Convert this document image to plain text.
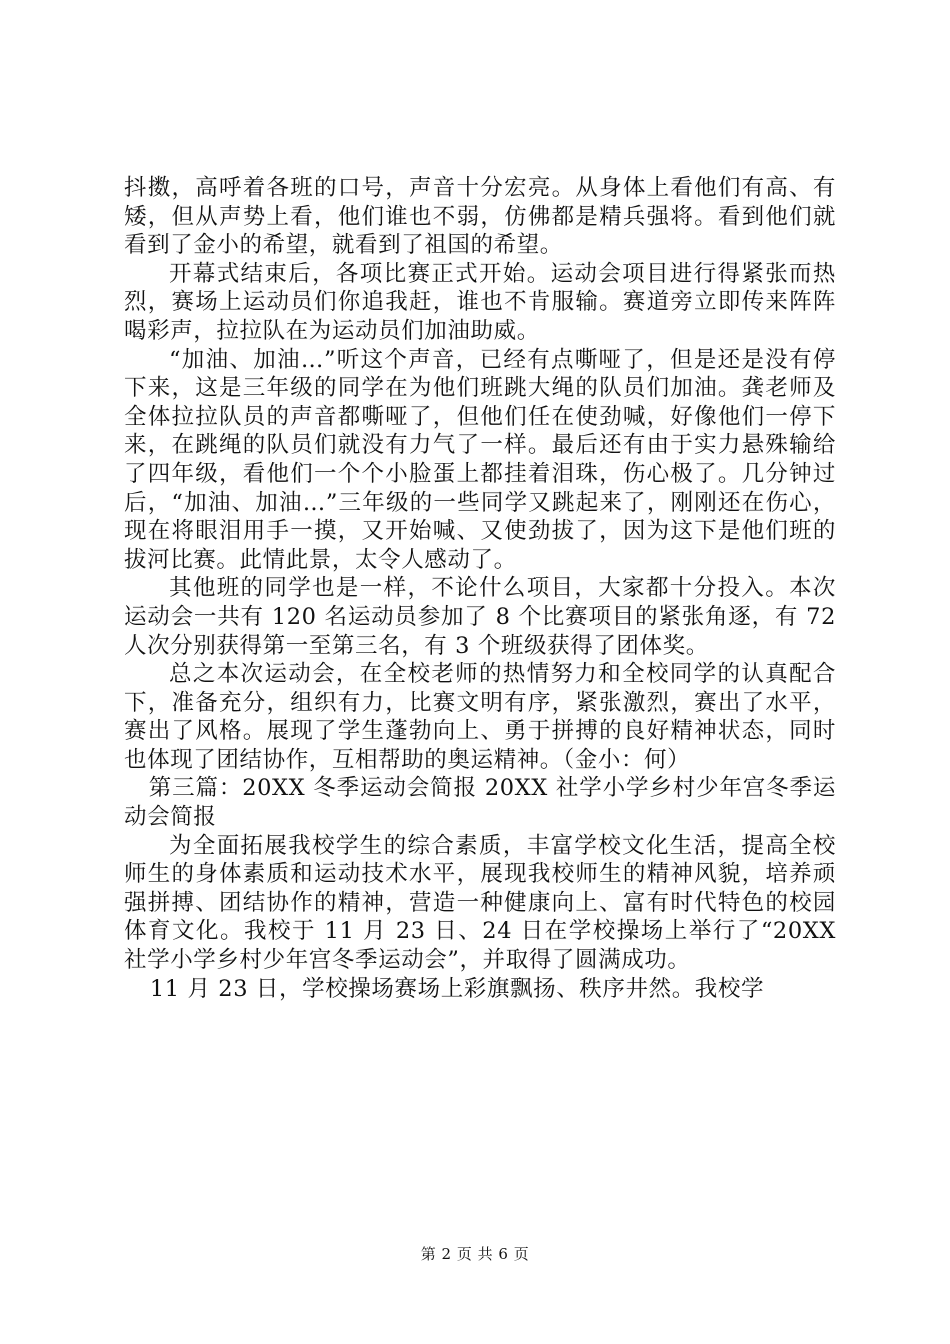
抖擞，高呼着各班的口号，声音十分宏亮。从身体上看他们有高、有矮，但从声势上看，他们谁也不弱，仿佛都是精兵强将。看到他们就看到了金小的希望，就看到了祖国的希望。

开幕式结束后，各项比赛正式开始。运动会项目进行得紧张而热烈，赛场上运动员们你追我赶，谁也不肯服输。赛道旁立即传来阵阵喝彩声，拉拉队在为运动员们加油助威。

“加油、加油…”听这个声音，已经有点嘶哑了，但是还是没有停下来，这是三年级的同学在为他们班跳大绳的队员们加油。龚老师及全体拉拉队员的声音都嘶哑了，但他们任在使劲喊，好像他们一停下来，在跳绳的队员们就没有力气了一样。最后还有由于实力悬殊输给了四年级，看他们一个个小脸蛋上都挂着泪珠，伤心极了。几分钟过后，“加油、加油…”三年级的一些同学又跳起来了，刚刚还在伤心，现在将眼泪用手一摸，又开始喊、又使劲拔了，因为这下是他们班的拔河比赛。此情此景，太令人感动了。

其他班的同学也是一样，不论什么项目，大家都十分投入。本次运动会一共有 120 名运动员参加了 8 个比赛项目的紧张角逐，有 72 人次分别获得第一至第三名，有 3 个班级获得了团体奖。

总之本次运动会，在全校老师的热情努力和全校同学的认真配合下，准备充分，组织有力，比赛文明有序，紧张激烈，赛出了水平，赛出了风格。展现了学生蓬勃向上、勇于拼搏的良好精神状态，同时也体现了团结协作，互相帮助的奥运精神。（金小：何）

第三篇：20XX 冬季运动会简报 20XX 社学小学乡村少年宫冬季运动会简报

为全面拓展我校学生的综合素质，丰富学校文化生活，提高全校师生的身体素质和运动技术水平，展现我校师生的精神风貌，培养顽强拼搏、团结协作的精神，营造一种健康向上、富有时代特色的校园体育文化。我校于 11 月 23 日、24 日在学校操场上举行了“20XX 社学小学乡村少年宫冬季运动会”，并取得了圆满成功。

11 月 23 日，学校操场赛场上彩旗飘扬、秩序井然。我校学

第 2 页 共 6 页
